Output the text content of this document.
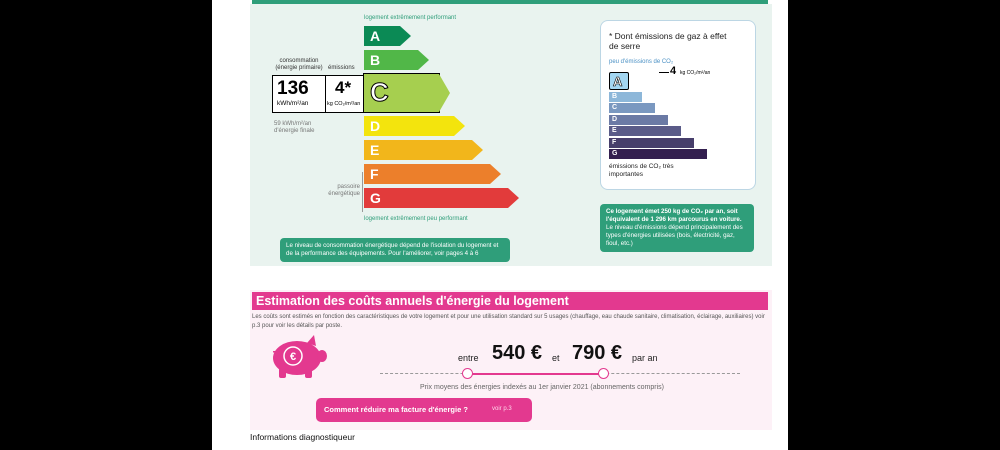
logement extrêmement performant
logement extrêmement peu performant
consommation (énergie primaire) émissions
136
kWh/m²/an
4*
kg CO₂/m²/an
59 kWh/m²/an d'énergie finale
passoire énergétique
A
B
C
D
E
F
G
Le niveau de consommation énergétique dépend de l'isolation du logement et de la performance des équipements. Pour l'améliorer, voir pages 4 à 6
* Dont émissions de gaz à effet de serre
peu d'émissions de CO₂
A
B
C
D
E
F
G
4 kg CO₂/m²/an
émissions de CO₂ très importantes
Ce logement émet 250 kg de CO₂ par an, soit l'équivalent de 1 296 km parcourus en voiture.
Le niveau d'émissions dépend principalement des types d'énergies utilisées (bois, électricité, gaz, fioul, etc.)
Estimation des coûts annuels d'énergie du logement
Les coûts sont estimés en fonction des caractéristiques de votre logement et pour une utilisation standard sur 5 usages (chauffage, eau chaude sanitaire, climatisation, éclairage, auxiliaires) voir p.3 pour voir les détails par poste.
€	entre 540 € et 790 € par an
Prix moyens des énergies indexés au 1er janvier 2021 (abonnements compris)
Comment réduire ma facture d'énergie ?	voir p.3
Informations diagnostiqueur
